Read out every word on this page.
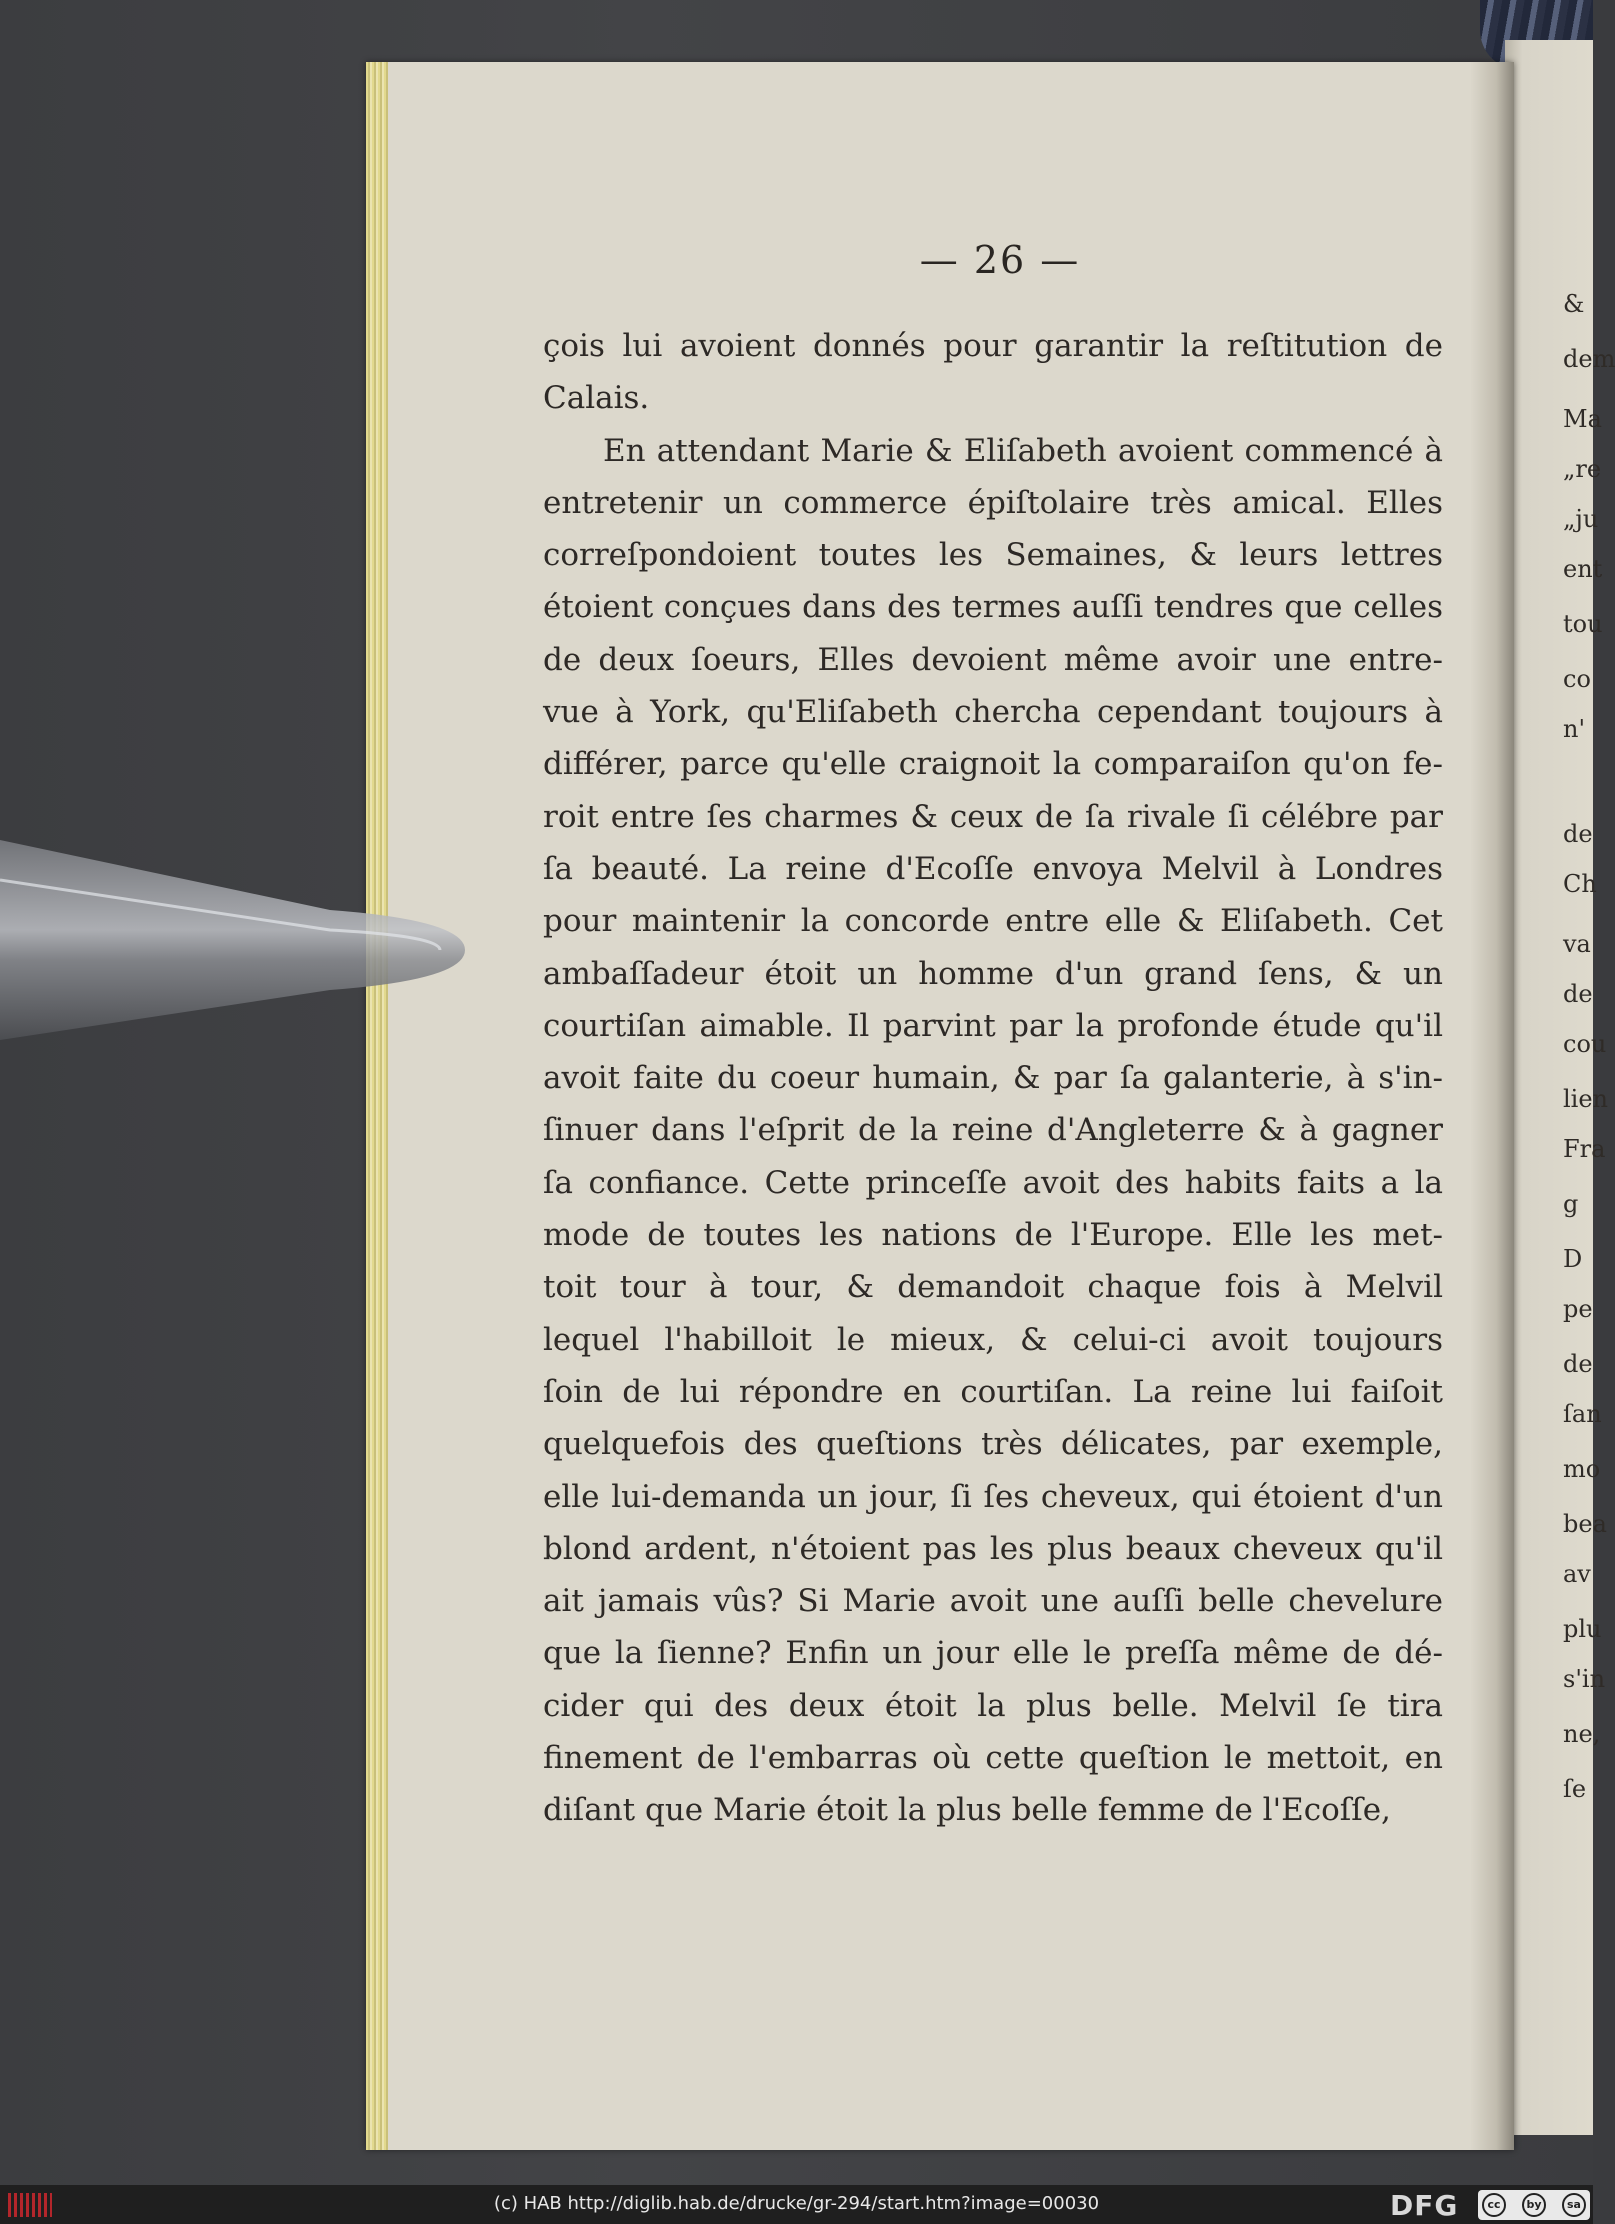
&
dem
Ma
„re
„ju
ent
tou
co
n'
de
Ch
va
de
cou
lien
Fra
g
D
pe
de
ſan
mo
bea
av
plu
s'in
ne,
ſe
— 26 —
çois lui avoient donnés pour garantir la reſtitution de
Calais.
En attendant Marie & Eliſabeth avoient commencé à
entretenir un commerce épiſtolaire très amical. Elles
correſpondoient toutes les Semaines, & leurs lettres
étoient conçues dans des termes auſſi tendres que celles
de deux ſoeurs, Elles devoient même avoir une entre-
vue à York, qu'Eliſabeth chercha cependant toujours à
différer, parce qu'elle craignoit la comparaiſon qu'on fe-
roit entre ſes charmes & ceux de ſa rivale ſi célébre par
ſa beauté. La reine d'Ecoſſe envoya Melvil à Londres
pour maintenir la concorde entre elle & Eliſabeth. Cet
ambaſſadeur étoit un homme d'un grand ſens, & un
courtiſan aimable. Il parvint par la profonde étude qu'il
avoit faite du coeur humain, & par ſa galanterie, à s'in-
ſinuer dans l'eſprit de la reine d'Angleterre & à gagner
ſa confiance. Cette princeſſe avoit des habits faits a la
mode de toutes les nations de l'Europe. Elle les met-
toit tour à tour, & demandoit chaque fois à Melvil
lequel l'habilloit le mieux, & celui-ci avoit toujours
ſoin de lui répondre en courtiſan. La reine lui faiſoit
quelquefois des queſtions très délicates, par exemple,
elle lui-demanda un jour, ſi ſes cheveux, qui étoient d'un
blond ardent, n'étoient pas les plus beaux cheveux qu'il
ait jamais vûs? Si Marie avoit une auſſi belle chevelure
que la ſienne? Enfin un jour elle le preſſa même de dé-
cider qui des deux étoit la plus belle. Melvil ſe tira
finement de l'embarras où cette queſtion le mettoit, en
diſant que Marie étoit la plus belle femme de l'Ecoſſe,
(c) HAB http://diglib.hab.de/drucke/gr-294/start.htm?image=00030	DFG	cc	by	sa
